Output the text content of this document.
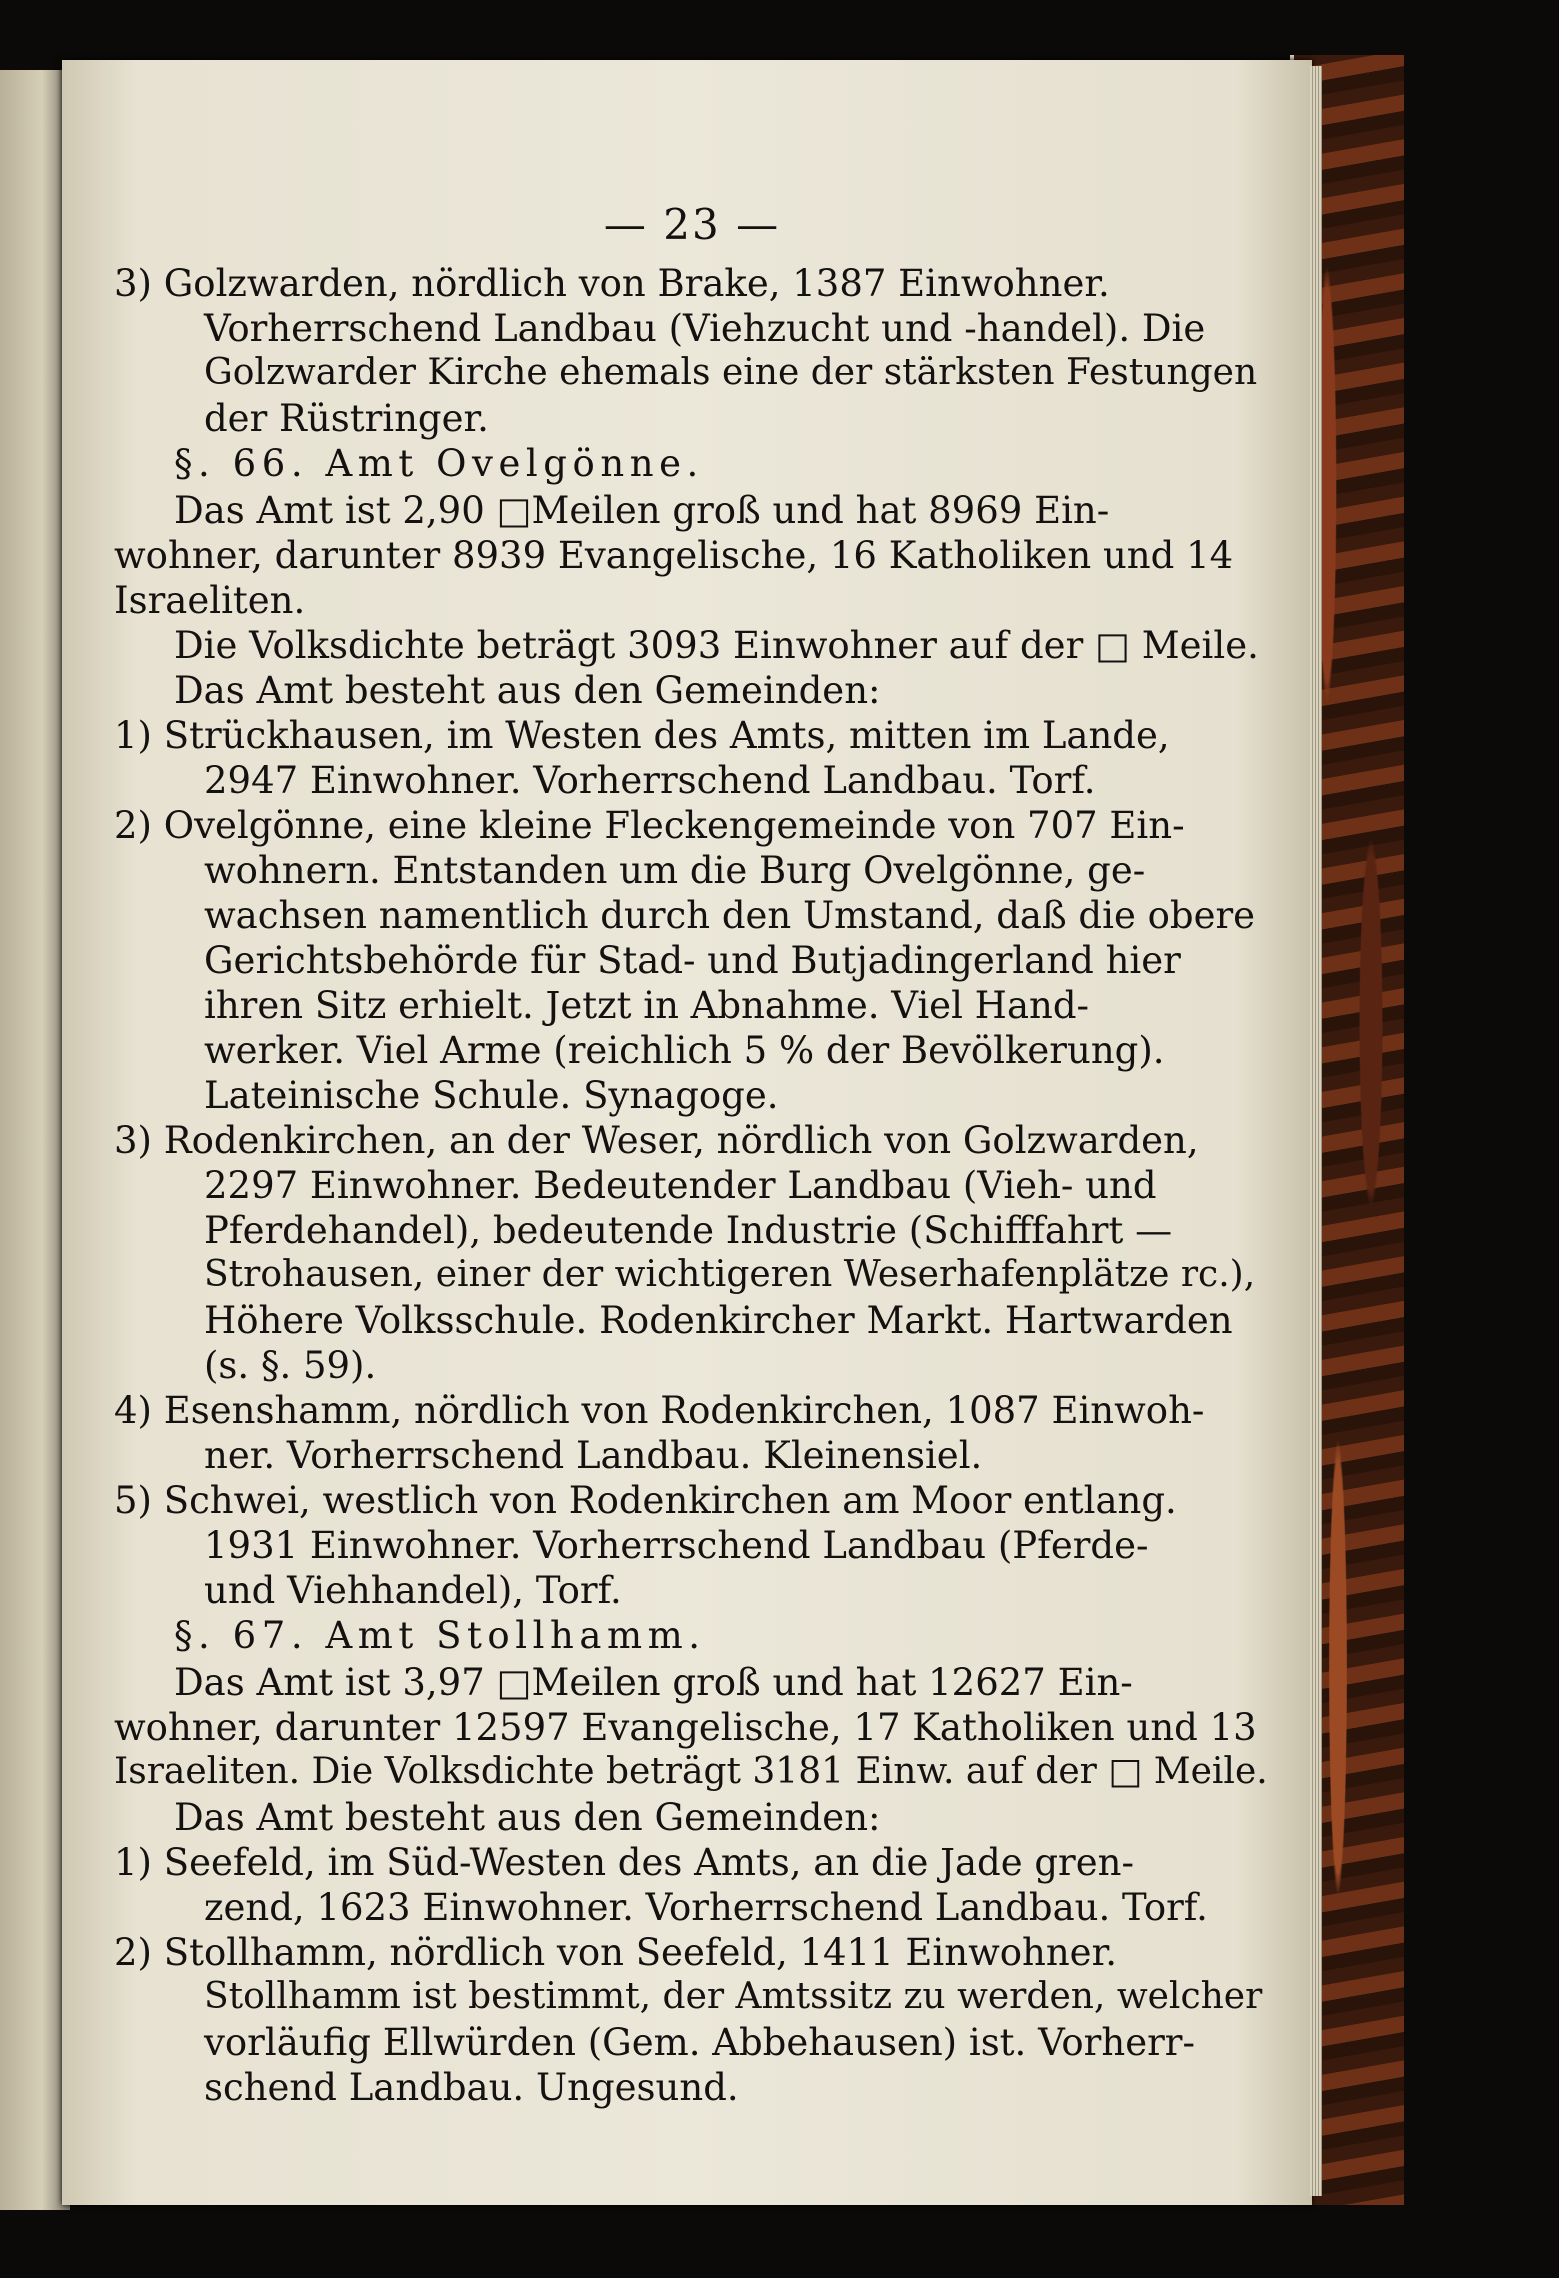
— 23 —
3) Golzwarden, nördlich von Brake, 1387 Einwohner.
Vorherrschend Landbau (Viehzucht und -handel). Die
Golzwarder Kirche ehemals eine der stärksten Festungen
der Rüstringer.
§. 66. Amt Ovelgönne.
Das Amt ist 2,90 □Meilen groß und hat 8969 Ein-
wohner, darunter 8939 Evangelische, 16 Katholiken und 14
Israeliten.
Die Volksdichte beträgt 3093 Einwohner auf der □ Meile.
Das Amt besteht aus den Gemeinden:
1) Strückhausen, im Westen des Amts, mitten im Lande,
2947 Einwohner. Vorherrschend Landbau. Torf.
2) Ovelgönne, eine kleine Fleckengemeinde von 707 Ein-
wohnern. Entstanden um die Burg Ovelgönne, ge-
wachsen namentlich durch den Umstand, daß die obere
Gerichtsbehörde für Stad- und Butjadingerland hier
ihren Sitz erhielt. Jetzt in Abnahme. Viel Hand-
werker. Viel Arme (reichlich 5 % der Bevölkerung).
Lateinische Schule. Synagoge.
3) Rodenkirchen, an der Weser, nördlich von Golzwarden,
2297 Einwohner. Bedeutender Landbau (Vieh- und
Pferdehandel), bedeutende Industrie (Schifffahrt —
Strohausen, einer der wichtigeren Weserhafenplätze rc.),
Höhere Volksschule. Rodenkircher Markt. Hartwarden
(s. §. 59).
4) Esenshamm, nördlich von Rodenkirchen, 1087 Einwoh-
ner. Vorherrschend Landbau. Kleinensiel.
5) Schwei, westlich von Rodenkirchen am Moor entlang.
1931 Einwohner. Vorherrschend Landbau (Pferde-
und Viehhandel), Torf.
§. 67. Amt Stollhamm.
Das Amt ist 3,97 □Meilen groß und hat 12627 Ein-
wohner, darunter 12597 Evangelische, 17 Katholiken und 13
Israeliten. Die Volksdichte beträgt 3181 Einw. auf der □ Meile.
Das Amt besteht aus den Gemeinden:
1) Seefeld, im Süd-Westen des Amts, an die Jade gren-
zend, 1623 Einwohner. Vorherrschend Landbau. Torf.
2) Stollhamm, nördlich von Seefeld, 1411 Einwohner.
Stollhamm ist bestimmt, der Amtssitz zu werden, welcher
vorläufig Ellwürden (Gem. Abbehausen) ist. Vorherr-
schend Landbau. Ungesund.
